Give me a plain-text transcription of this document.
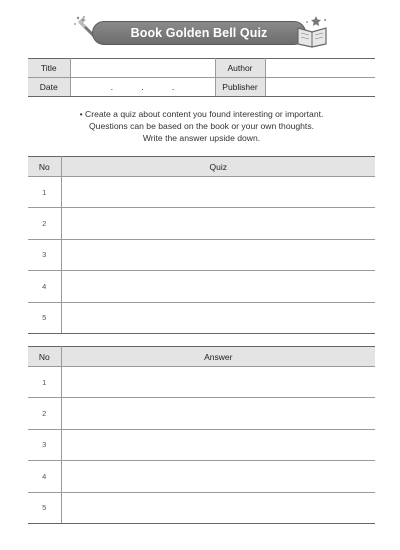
Book Golden Bell Quiz
Title		Author	
Date	. . .	Publisher	
• Create a quiz about content you found interesting or important.
Questions can be based on the book or your own thoughts.
Write the answer upside down.
No	Quiz
1	
2	
3	
4	
5	
No	Answer
1	
2	
3	
4	
5	
